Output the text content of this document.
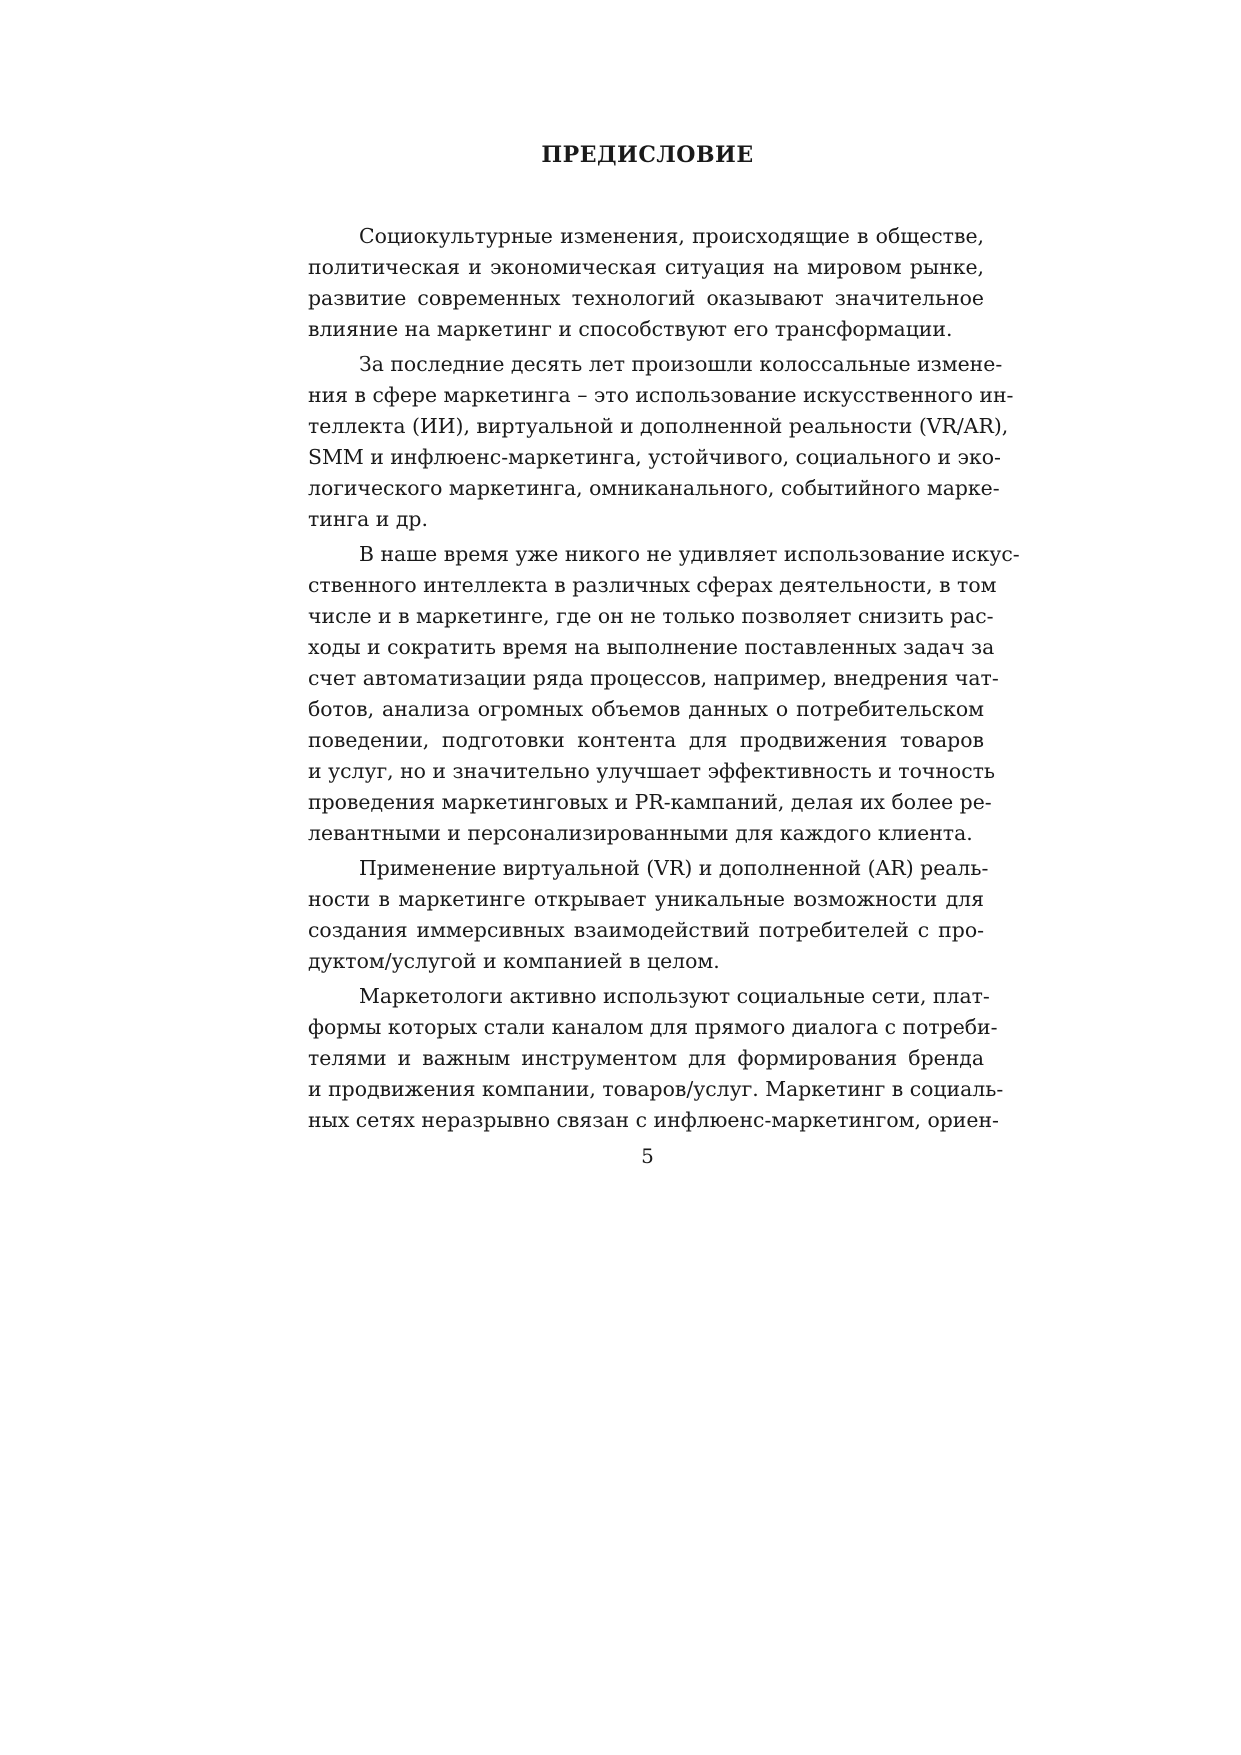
ПРЕДИСЛОВИЕ

Социокультурные изменения, происходящие в обществе,
политическая и экономическая ситуация на мировом рынке,
развитие современных технологий оказывают значительное
влияние на маркетинг и способствуют его трансформации.

За последние десять лет произошли колоссальные измене-
ния в сфере маркетинга – это использование искусственного ин-
теллекта (ИИ), виртуальной и дополненной реальности (VR/AR),
SMM и инфлюенс-маркетинга, устойчивого, социального и эко-
логического маркетинга, омниканального, событийного марке-
тинга и др.

В наше время уже никого не удивляет использование искус-
ственного интеллекта в различных сферах деятельности, в том
числе и в маркетинге, где он не только позволяет снизить рас-
ходы и сократить время на выполнение поставленных задач за
счет автоматизации ряда процессов, например, внедрения чат-
ботов, анализа огромных объемов данных о потребительском
поведении, подготовки контента для продвижения товаров
и услуг, но и значительно улучшает эффективность и точность
проведения маркетинговых и PR-кампаний, делая их более ре-
левантными и персонализированными для каждого клиента.

Применение виртуальной (VR) и дополненной (AR) реаль-
ности в маркетинге открывает уникальные возможности для
создания иммерсивных взаимодействий потребителей с про-
дуктом/услугой и компанией в целом.

Маркетологи активно используют социальные сети, плат-
формы которых стали каналом для прямого диалога с потреби-
телями и важным инструментом для формирования бренда
и продвижения компании, товаров/услуг. Маркетинг в социаль-
ных сетях неразрывно связан с инфлюенс-маркетингом, ориен-

5
